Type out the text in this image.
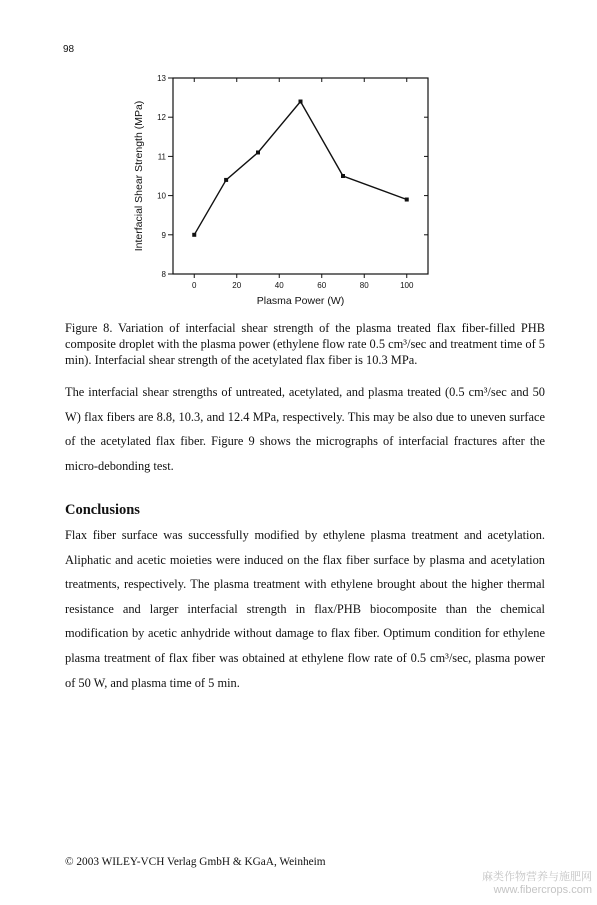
98
8
9
10
11
12
13
0	20	40	60	80	100
Plasma Power (W)
Interfacial Shear Strength (MPa)
Figure 8. Variation of interfacial shear strength of the plasma treated flax fiber-filled PHB composite droplet with the plasma power (ethylene flow rate 0.5 cm³/sec and treatment time of 5 min). Interfacial shear strength of the acetylated flax fiber is 10.3 MPa.
The interfacial shear strengths of untreated, acetylated, and plasma treated (0.5 cm³/sec and 50 W) flax fibers are 8.8, 10.3, and 12.4 MPa, respectively. This may be also due to uneven surface of the acetylated flax fiber. Figure 9 shows the micrographs of interfacial fractures after the micro-debonding test.
Conclusions
Flax fiber surface was successfully modified by ethylene plasma treatment and acetylation. Aliphatic and acetic moieties were induced on the flax fiber surface by plasma and acetylation treatments, respectively. The plasma treatment with ethylene brought about the higher thermal resistance and larger interfacial strength in flax/PHB biocomposite than the chemical modification by acetic anhydride without damage to flax fiber. Optimum condition for ethylene plasma treatment of flax fiber was obtained at ethylene flow rate of 0.5 cm³/sec, plasma power of 50 W, and plasma time of 5 min.
© 2003 WILEY-VCH Verlag GmbH & KGaA, Weinheim
麻类作物营养与施肥网
www.fibercrops.com
